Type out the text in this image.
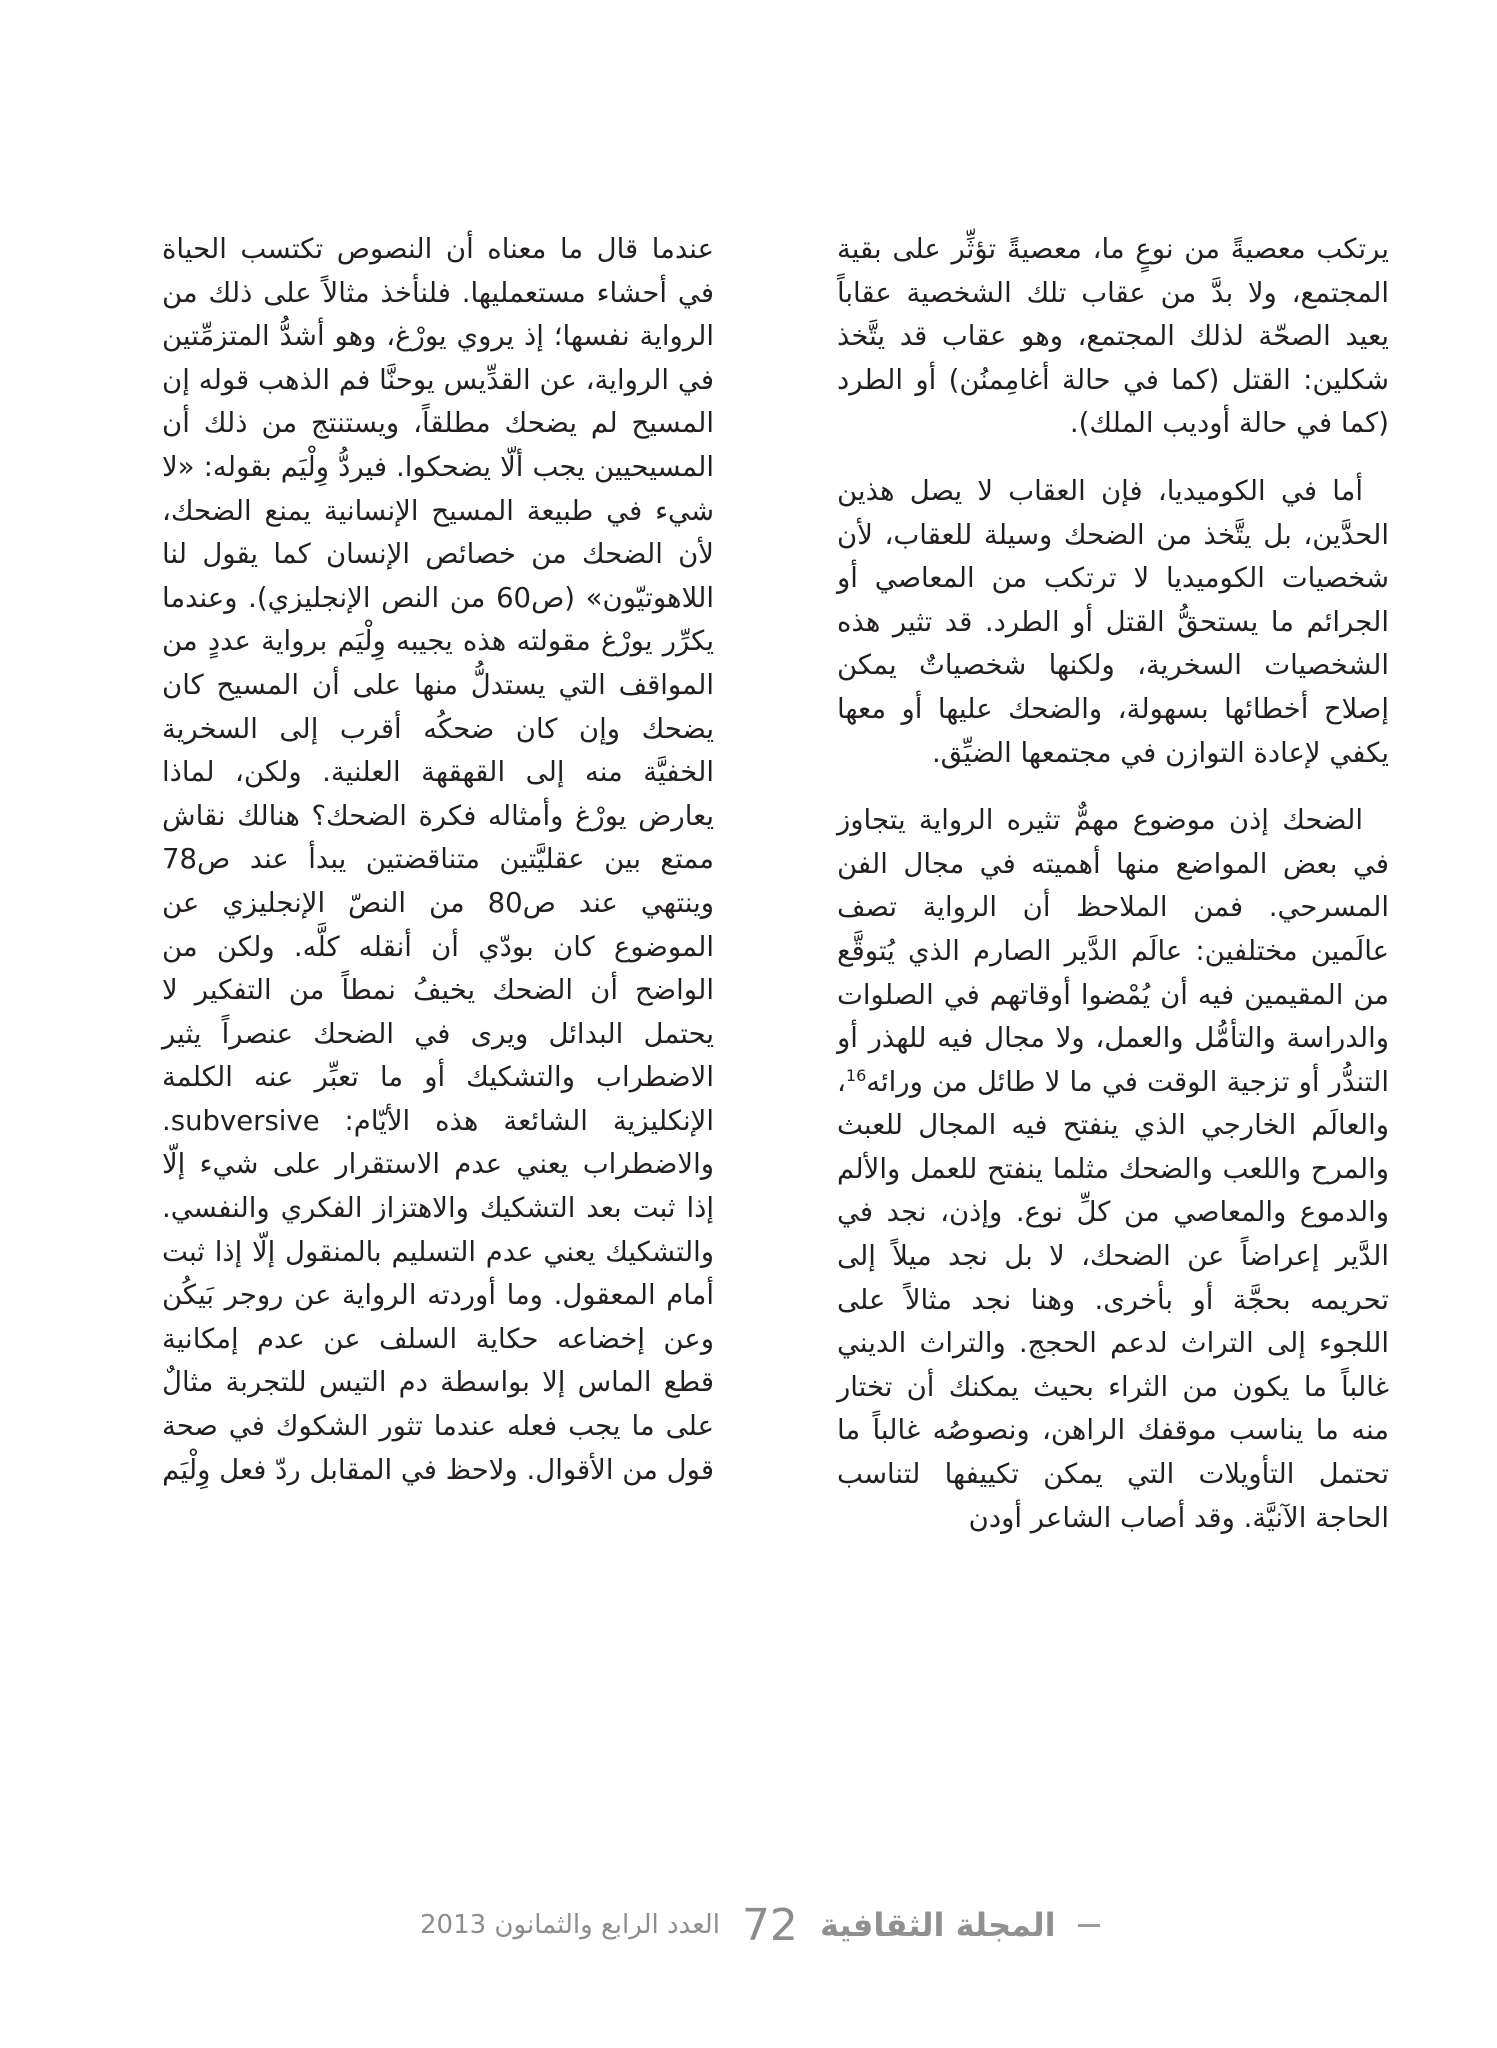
يرتكب معصيةً من نوعٍ ما، معصيةً تؤثِّر على بقية المجتمع، ولا بدَّ من عقاب تلك الشخصية عقاباً يعيد الصحّة لذلك المجتمع، وهو عقاب قد يتَّخذ شكلين: القتل (كما في حالة أغامِمنُن) أو الطرد (كما في حالة أوديب الملك).

أما في الكوميديا، فإن العقاب لا يصل هذين الحدَّين، بل يتَّخذ من الضحك وسيلة للعقاب، لأن شخصيات الكوميديا لا ترتكب من المعاصي أو الجرائم ما يستحقُّ القتل أو الطرد. قد تثير هذه الشخصيات السخرية، ولكنها شخصياتٌ يمكن إصلاح أخطائها بسهولة، والضحك عليها أو معها يكفي لإعادة التوازن في مجتمعها الضيِّق.

الضحك إذن موضوع مهمٌّ تثيره الرواية يتجاوز في بعض المواضع منها أهميته في مجال الفن المسرحي. فمن الملاحظ أن الرواية تصف عالَمين مختلفين: عالَم الدَّير الصارم الذي يُتوقَّع من المقيمين فيه أن يُمْضوا أوقاتهم في الصلوات والدراسة والتأمُّل والعمل، ولا مجال فيه للهذر أو التندُّر أو تزجية الوقت في ما لا طائل من ورائه$^{16}$، والعالَم الخارجي الذي ينفتح فيه المجال للعبث والمرح واللعب والضحك مثلما ينفتح للعمل والألم والدموع والمعاصي من كلِّ نوع. وإذن، نجد في الدَّير إعراضاً عن الضحك، لا بل نجد ميلاً إلى تحريمه بحجَّة أو بأخرى. وهنا نجد مثالاً على اللجوء إلى التراث لدعم الحجج. والتراث الديني غالباً ما يكون من الثراء بحيث يمكنك أن تختار منه ما يناسب موقفك الراهن، ونصوصُه غالباً ما تحتمل التأويلات التي يمكن تكييفها لتناسب الحاجة الآنيَّة. وقد أصاب الشاعر أودن

عندما قال ما معناه أن النصوص تكتسب الحياة في أحشاء مستعمليها. فلنأخذ مثالاً على ذلك من الرواية نفسها؛ إذ يروي يورْغ، وهو أشدُّ المتزمِّتين في الرواية، عن القدِّيس يوحنَّا فم الذهب قوله إن المسيح لم يضحك مطلقاً، ويستنتج من ذلك أن المسيحيين يجب ألّا يضحكوا. فيردُّ وِلْيَم بقوله: «لا شيء في طبيعة المسيح الإنسانية يمنع الضحك، لأن الضحك من خصائص الإنسان كما يقول لنا اللاهوتيّون» (ص60 من النص الإنجليزي). وعندما يكرِّر يورْغ مقولته هذه يجيبه وِلْيَم برواية عددٍ من المواقف التي يستدلُّ منها على أن المسيح كان يضحك وإن كان ضحكُه أقرب إلى السخرية الخفيَّة منه إلى القهقهة العلنية. ولكن، لماذا يعارض يورْغ وأمثاله فكرة الضحك؟ هنالك نقاش ممتع بين عقليَّتين متناقضتين يبدأ عند ص78 وينتهي عند ص80 من النصّ الإنجليزي عن الموضوع كان بودّي أن أنقله كلَّه. ولكن من الواضح أن الضحك يخيفُ نمطاً من التفكير لا يحتمل البدائل ويرى في الضحك عنصراً يثير الاضطراب والتشكيك أو ما تعبِّر عنه الكلمة الإنكليزية الشائعة هذه الأيّام: subversive. والاضطراب يعني عدم الاستقرار على شيء إلّا إذا ثبت بعد التشكيك والاهتزاز الفكري والنفسي. والتشكيك يعني عدم التسليم بالمنقول إلّا إذا ثبت أمام المعقول. وما أوردته الرواية عن روجر بَيكُن وعن إخضاعه حكاية السلف عن عدم إمكانية قطع الماس إلا بواسطة دم التيس للتجربة مثالٌ على ما يجب فعله عندما تثور الشكوك في صحة قول من الأقوال. ولاحظ في المقابل ردّ فعل وِلْيَم

المجلة الثقافية
72
العدد الرابع والثمانون 2013
